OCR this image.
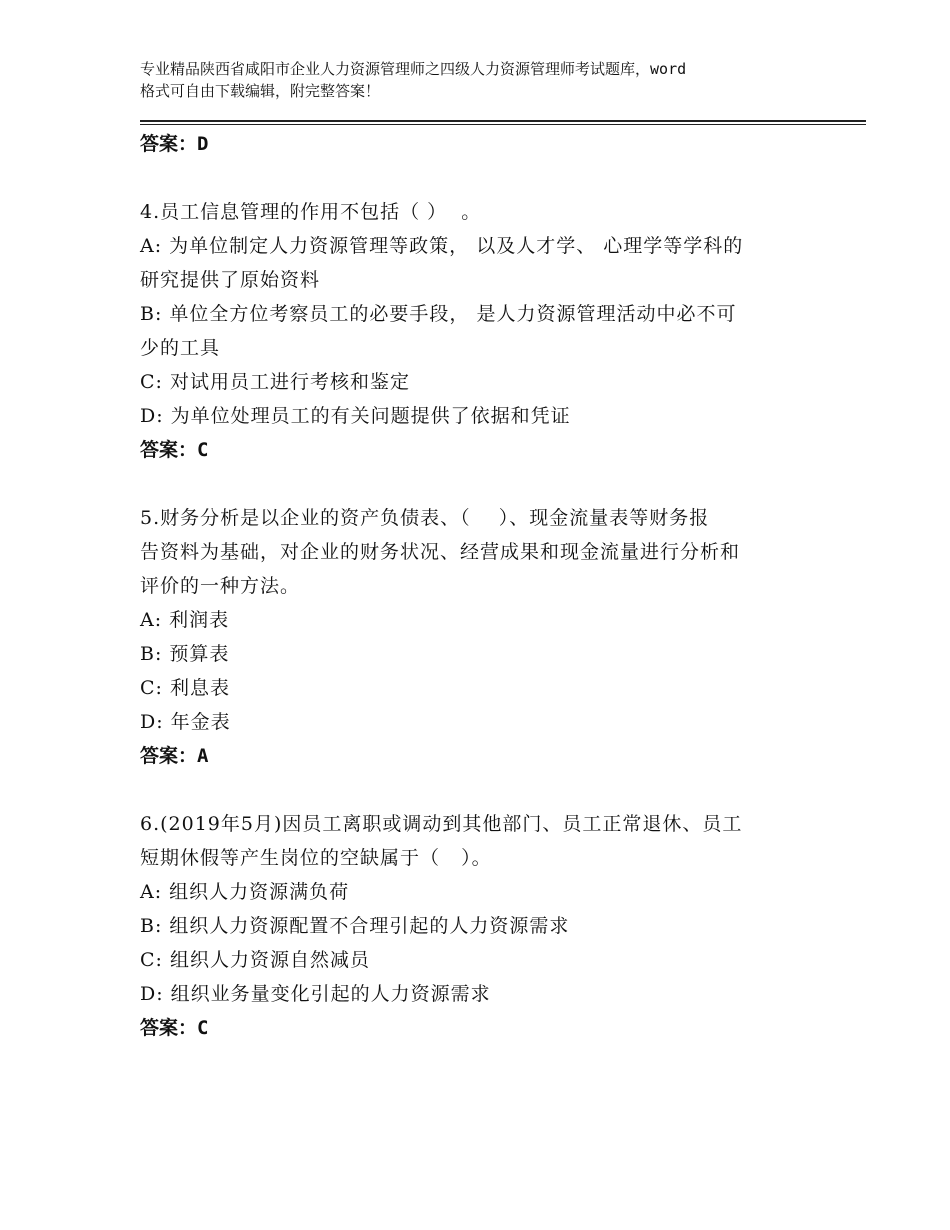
专业精品陕西省咸阳市企业人力资源管理师之四级人力资源管理师考试题库，word
格式可自由下载编辑，附完整答案！
答案：D
4.员工信息管理的作用不包括（ ）  。
A: 为单位制定人力资源管理等政策， 以及人才学、 心理学等学科的
研究提供了原始资料
B: 单位全方位考察员工的必要手段， 是人力资源管理活动中必不可
少的工具
C: 对试用员工进行考核和鉴定
D: 为单位处理员工的有关问题提供了依据和凭证
答案：C
5.财务分析是以企业的资产负债表、（    ）、现金流量表等财务报
告资料为基础，对企业的财务状况、经营成果和现金流量进行分析和
评价的一种方法。
A: 利润表
B: 预算表
C: 利息表
D: 年金表
答案：A
6.(2019年5月)因员工离职或调动到其他部门、员工正常退休、员工
短期休假等产生岗位的空缺属于（   ）。
A: 组织人力资源满负荷
B: 组织人力资源配置不合理引起的人力资源需求
C: 组织人力资源自然减员
D: 组织业务量变化引起的人力资源需求
答案：C
